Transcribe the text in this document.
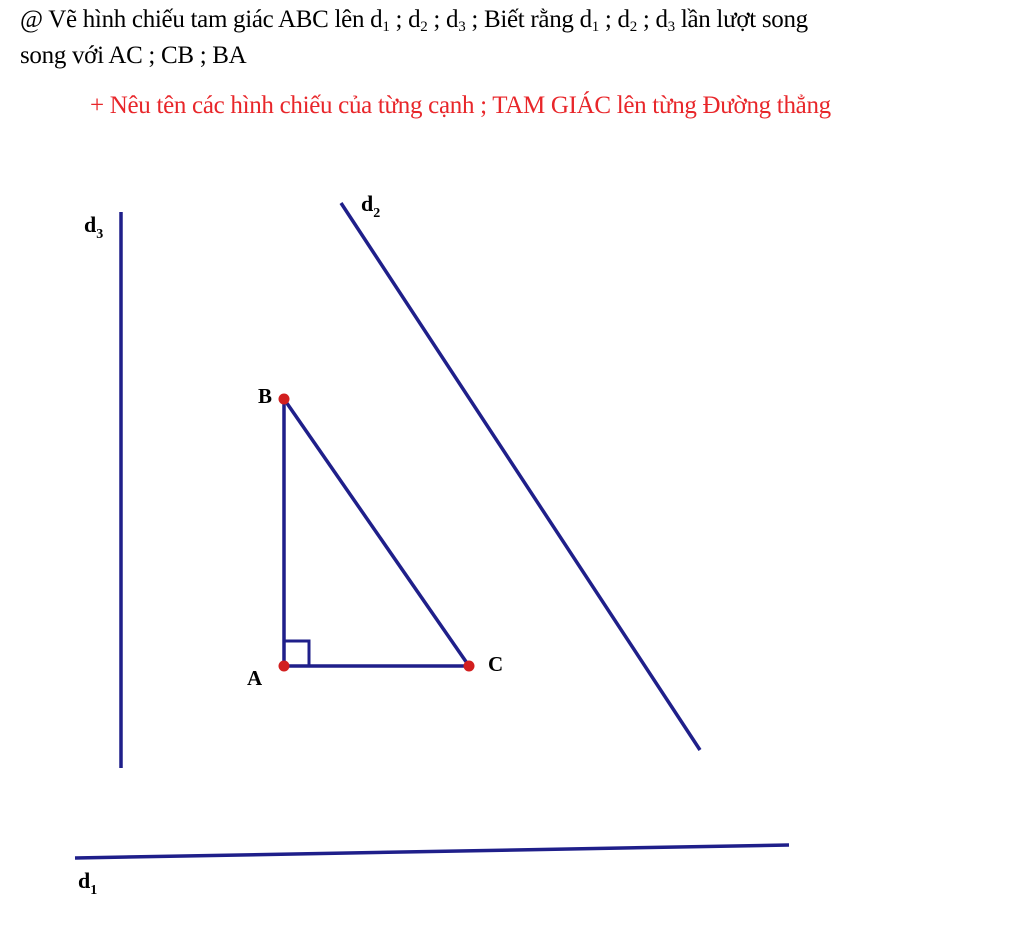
@ Vẽ hình chiếu tam giác ABC lên $d_1$ ; $d_2$ ; $d_3$ ; Biết rằng $d_1$ ; $d_2$ ; $d_3$ lần lượt song
song với AC ; CB ; BA
+ Nêu tên các hình chiếu của từng cạnh ; TAM GIÁC lên từng Đường thẳng
A
B
C
$d_3$
$d_2$
$d_1$
